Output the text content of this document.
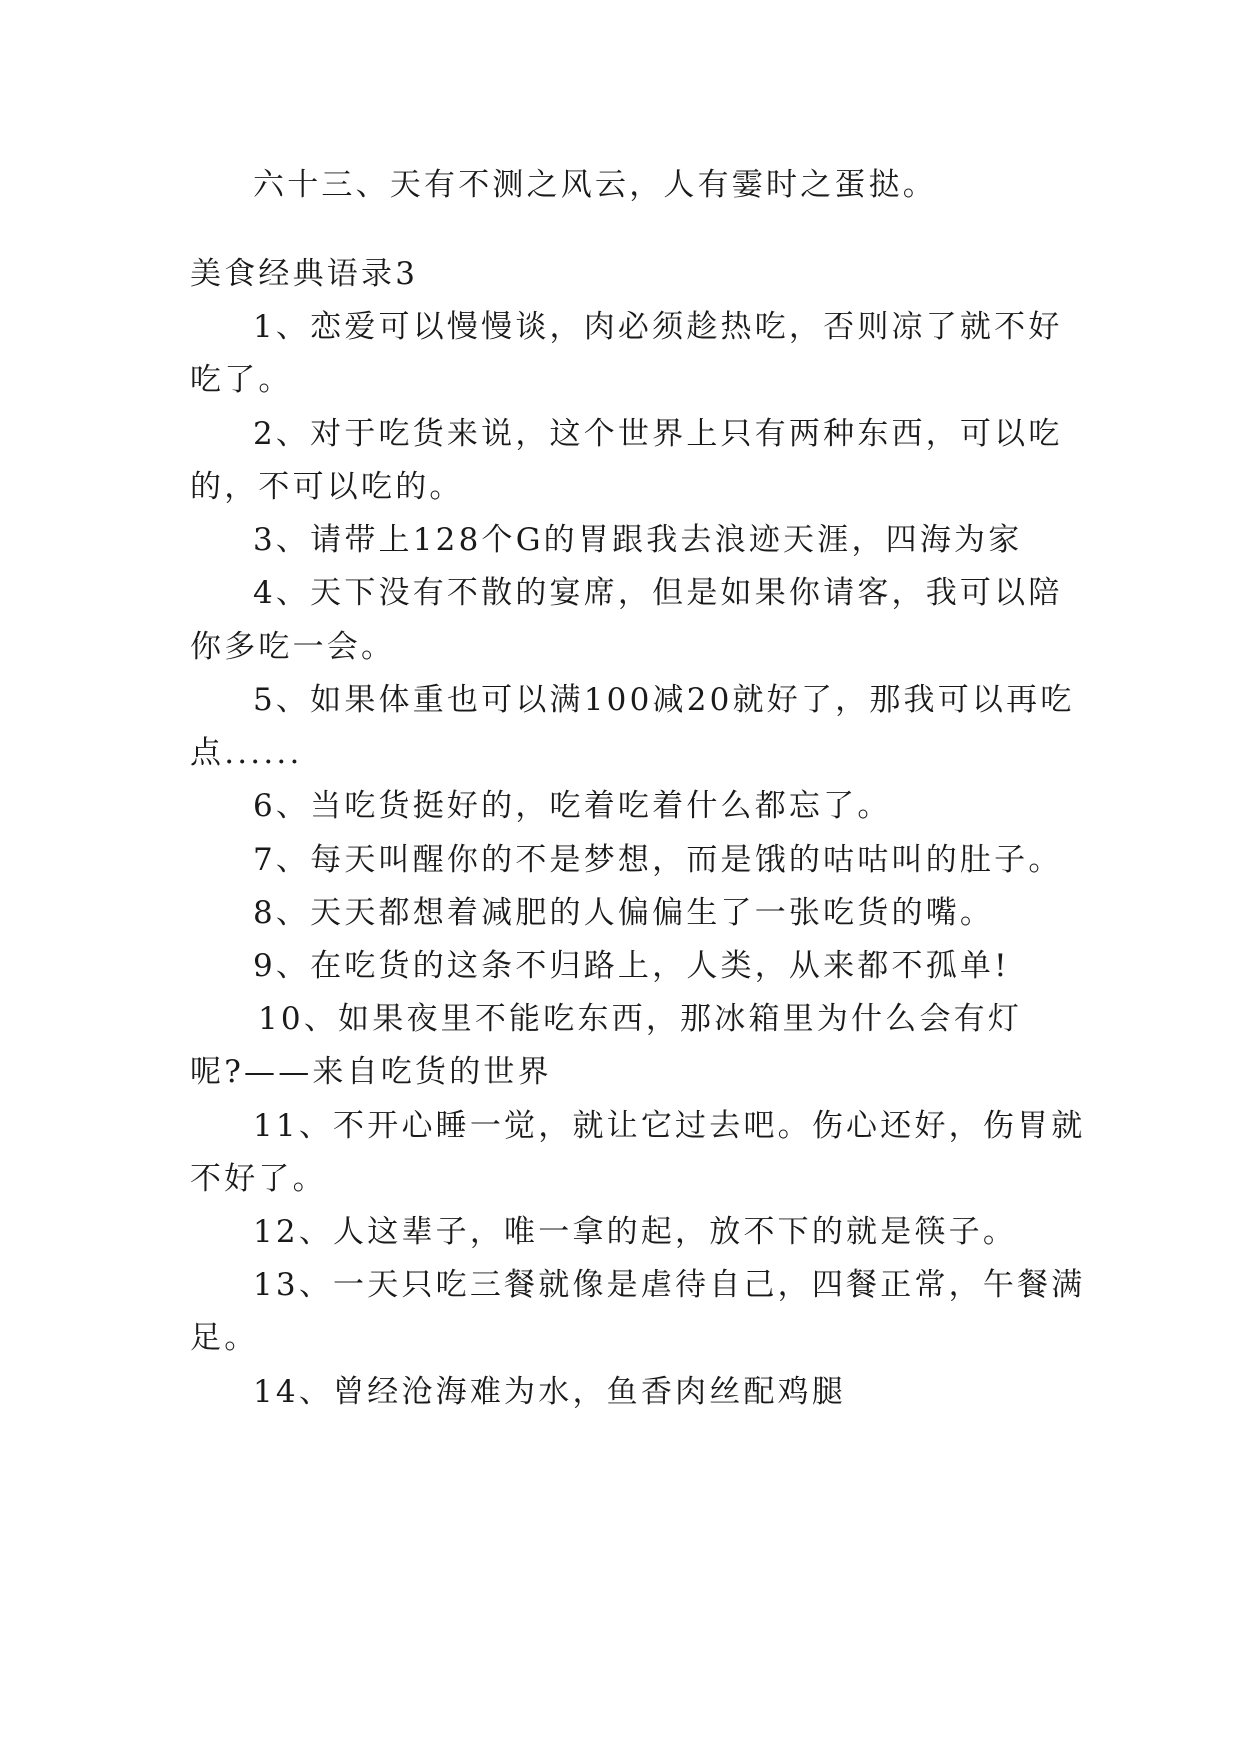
六十三、天有不测之风云，人有霎时之蛋挞。
美食经典语录3
1、恋爱可以慢慢谈，肉必须趁热吃，否则凉了就不好
吃了。
2、对于吃货来说，这个世界上只有两种东西，可以吃
的，不可以吃的。
3、请带上128个G的胃跟我去浪迹天涯，四海为家
4、天下没有不散的宴席，但是如果你请客，我可以陪
你多吃一会。
5、如果体重也可以满100减20就好了，那我可以再吃
点......
6、当吃货挺好的，吃着吃着什么都忘了。
7、每天叫醒你的不是梦想，而是饿的咕咕叫的肚子。
8、天天都想着减肥的人偏偏生了一张吃货的嘴。
9、在吃货的这条不归路上，人类，从来都不孤单!
10、如果夜里不能吃东西，那冰箱里为什么会有灯
呢?——来自吃货的世界
11、不开心睡一觉，就让它过去吧。伤心还好，伤胃就
不好了。
12、人这辈子，唯一拿的起，放不下的就是筷子。
13、一天只吃三餐就像是虐待自己，四餐正常，午餐满
足。
14、曾经沧海难为水，鱼香肉丝配鸡腿
